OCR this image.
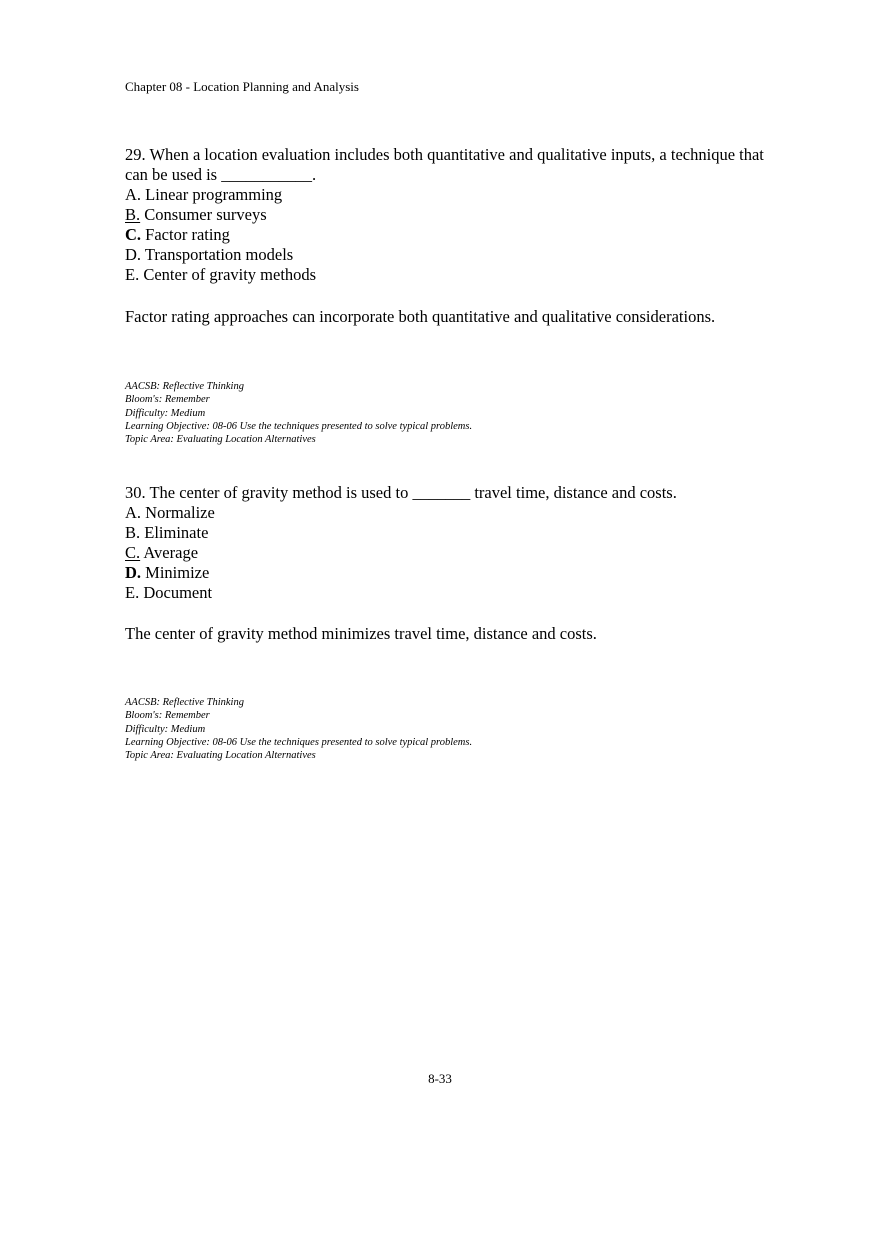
Chapter 08 - Location Planning and Analysis

29. When a location evaluation includes both quantitative and qualitative inputs, a technique that can be used is ___________.

A. Linear programming

B. Consumer surveys

C. Factor rating

D. Transportation models

E. Center of gravity methods

Factor rating approaches can incorporate both quantitative and qualitative considerations.
AACSB: Reflective Thinking
Bloom's: Remember
Difficulty: Medium
Learning Objective: 08-06 Use the techniques presented to solve typical problems.
Topic Area: Evaluating Location Alternatives

30. The center of gravity method is used to _______ travel time, distance and costs.

A. Normalize

B. Eliminate

C. Average

D. Minimize

E. Document

The center of gravity method minimizes travel time, distance and costs.
AACSB: Reflective Thinking
Bloom's: Remember
Difficulty: Medium
Learning Objective: 08-06 Use the techniques presented to solve typical problems.
Topic Area: Evaluating Location Alternatives
8-33
